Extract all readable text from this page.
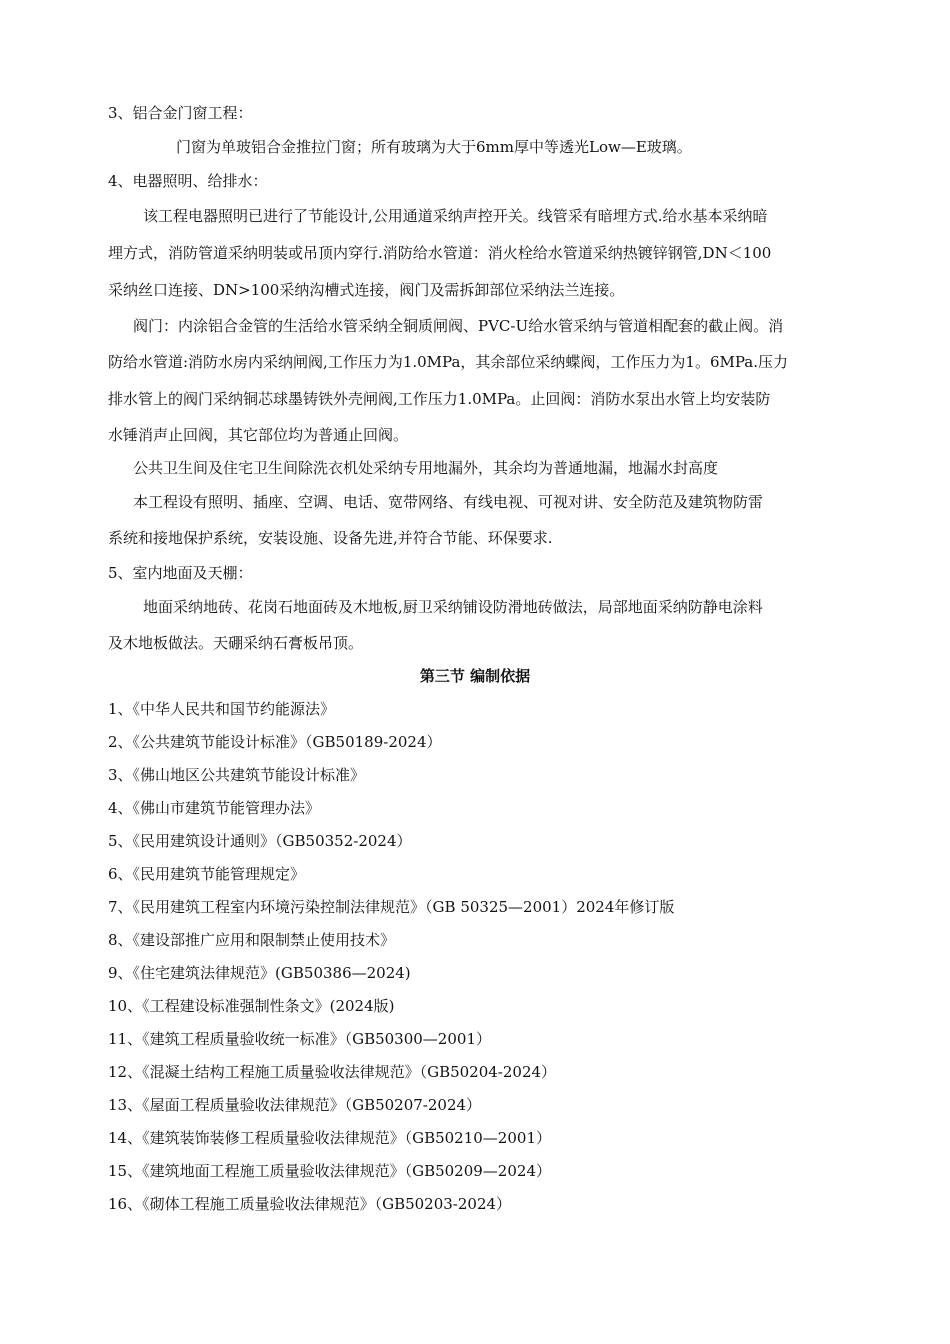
3、铝合金门窗工程：
门窗为单玻铝合金推拉门窗；所有玻璃为大于6mm厚中等透光Low—E玻璃。
4、电器照明、给排水：
该工程电器照明已进行了节能设计,公用通道采纳声控开关。线管采有暗埋方式.给水基本采纳暗
埋方式，消防管道采纳明装或吊顶内穿行.消防给水管道：消火栓给水管道采纳热镀锌钢管,DN＜100
采纳丝口连接、DN>100采纳沟槽式连接，阀门及需拆卸部位采纳法兰连接。
阀门：内涂铝合金管的生活给水管采纳全铜质闸阀、PVC-U给水管采纳与管道相配套的截止阀。消
防给水管道:消防水房内采纳闸阀,工作压力为1.0MPa，其余部位采纳蝶阀，工作压力为1。6MPa.压力
排水管上的阀门采纳铜芯球墨铸铁外壳闸阀,工作压力1.0MPa。止回阀：消防水泵出水管上均安装防
水锤消声止回阀，其它部位均为普通止回阀。
公共卫生间及住宅卫生间除洗衣机处采纳专用地漏外，其余均为普通地漏，地漏水封高度
本工程设有照明、插座、空调、电话、宽带网络、有线电视、可视对讲、安全防范及建筑物防雷
系统和接地保护系统，安装设施、设备先进,并符合节能、环保要求.
5、室内地面及天棚：
地面采纳地砖、花岗石地面砖及木地板,厨卫采纳铺设防滑地砖做法，局部地面采纳防静电涂料
及木地板做法。天硼采纳石膏板吊顶。
第三节 编制依据
1、《中华人民共和国节约能源法》
2、《公共建筑节能设计标准》（GB50189-2024）
3、《佛山地区公共建筑节能设计标准》
4、《佛山市建筑节能管理办法》
5、《民用建筑设计通则》（GB50352-2024）
6、《民用建筑节能管理规定》
7、《民用建筑工程室内环境污染控制法律规范》（GB 50325—2001）2024年修订版
8、《建设部推广应用和限制禁止使用技术》
9、《住宅建筑法律规范》(GB50386—2024)
10、《工程建设标准强制性条文》(2024版)
11、《建筑工程质量验收统一标准》（GB50300—2001）
12、《混凝土结构工程施工质量验收法律规范》（GB50204-2024）
13、《屋面工程质量验收法律规范》（GB50207-2024）
14、《建筑装饰装修工程质量验收法律规范》（GB50210—2001）
15、《建筑地面工程施工质量验收法律规范》（GB50209—2024）
16、《砌体工程施工质量验收法律规范》（GB50203-2024）
